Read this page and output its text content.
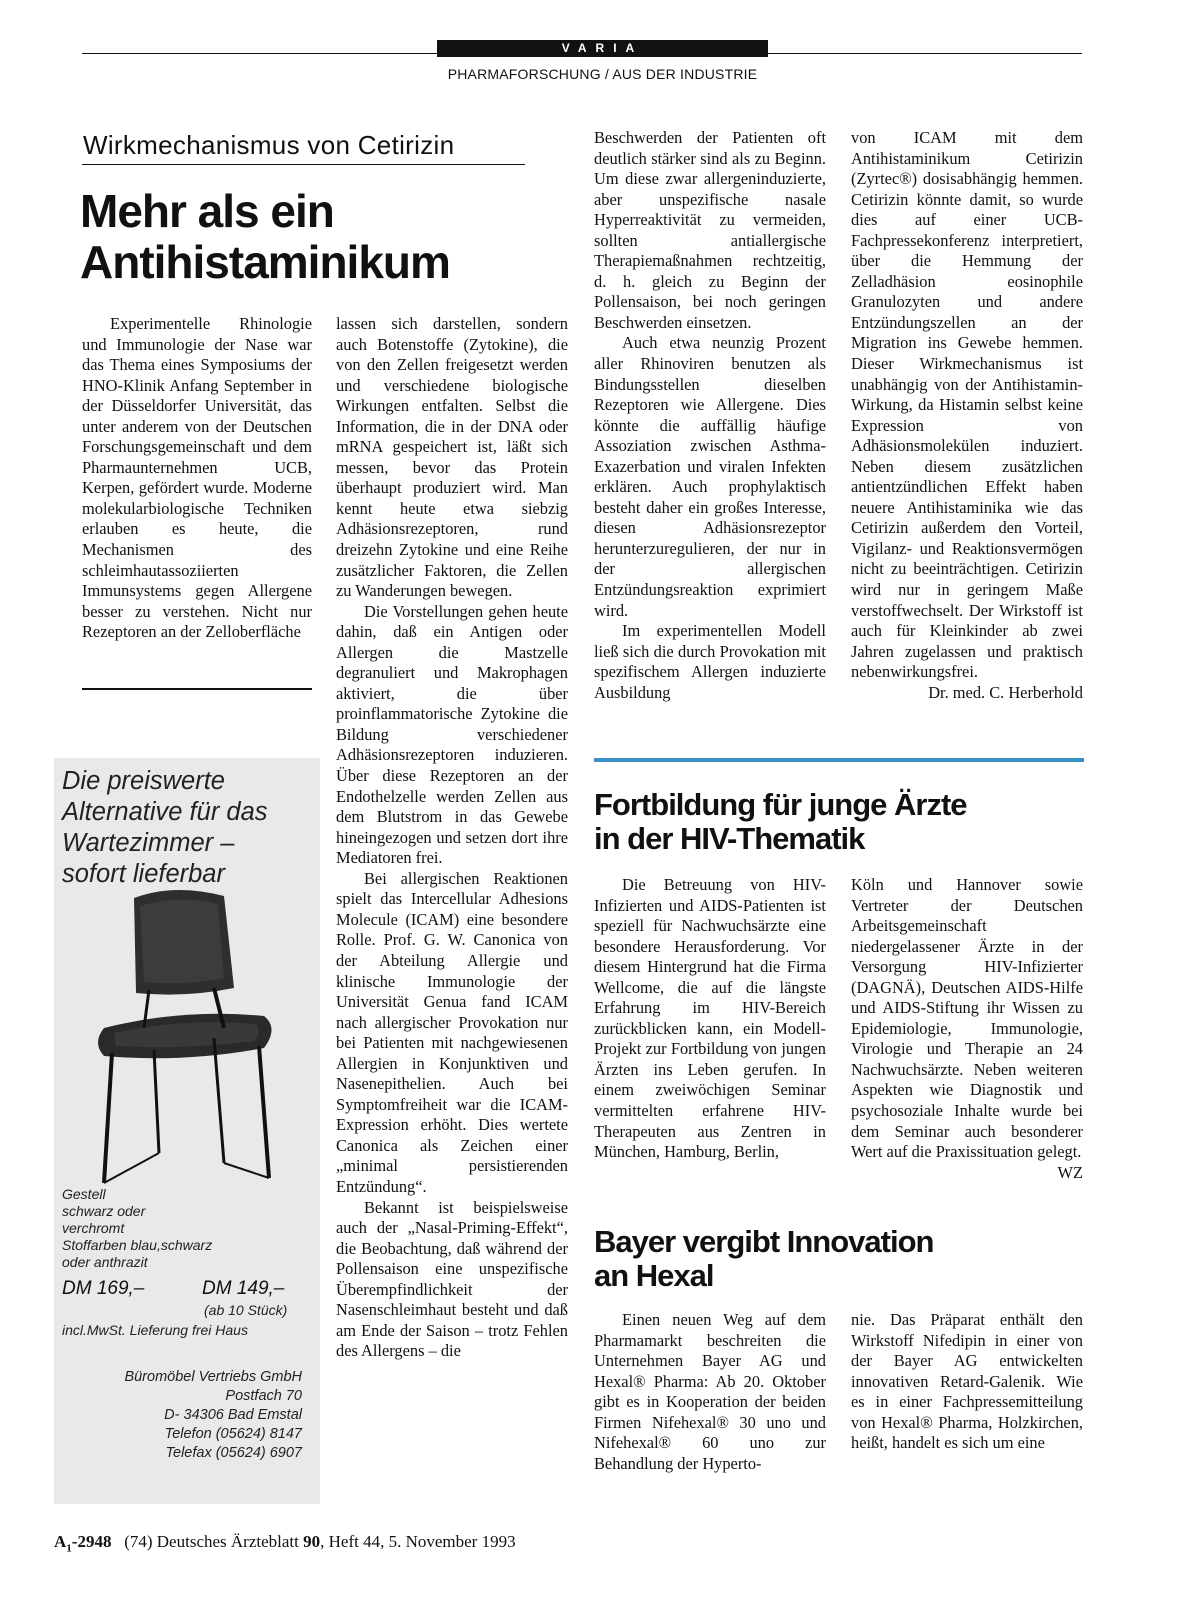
VARIA
PHARMAFORSCHUNG / AUS DER INDUSTRIE
Wirkmechanismus von Cetirizin
Mehr als ein
Antihistaminikum

Experimentelle Rhinologie und Immunologie der Nase war das Thema eines Symposiums der HNO-Klinik Anfang September in der Düsseldorfer Universität, das unter anderem von der Deutschen Forschungsgemeinschaft und dem Pharmaunternehmen UCB, Kerpen, gefördert wurde. Moderne molekularbiologische Techniken erlauben es heute, die Mechanismen des schleimhautassoziierten Immunsystems gegen Allergene besser zu verstehen. Nicht nur Rezeptoren an der Zelloberfläche

lassen sich darstellen, sondern auch Botenstoffe (Zytokine), die von den Zellen freigesetzt werden und verschiedene biologische Wirkungen entfalten. Selbst die Information, die in der DNA oder mRNA gespeichert ist, läßt sich messen, bevor das Protein überhaupt produziert wird. Man kennt heute etwa siebzig Adhäsionsrezeptoren, rund dreizehn Zytokine und eine Reihe zusätzlicher Faktoren, die Zellen zu Wanderungen bewegen.

Die Vorstellungen gehen heute dahin, daß ein Antigen oder Allergen die Mastzelle degranuliert und Makrophagen aktiviert, die über proinflammatorische Zytokine die Bildung verschiedener Adhäsionsrezeptoren induzieren. Über diese Rezeptoren an der Endothelzelle werden Zellen aus dem Blutstrom in das Gewebe hineingezogen und setzen dort ihre Mediatoren frei.

Bei allergischen Reaktionen spielt das Intercellular Adhesions Molecule (ICAM) eine besondere Rolle. Prof. G. W. Canonica von der Abteilung Allergie und klinische Immunologie der Universität Genua fand ICAM nach allergischer Provokation nur bei Patienten mit nachgewiesenen Allergien in Konjunktiven und Nasenepithelien. Auch bei Symptomfreiheit war die ICAM-Expression erhöht. Dies wertete Canonica als Zeichen einer „minimal persistierenden Entzündung“.

Bekannt ist beispielsweise auch der „Nasal-Priming-Effekt“, die Beobachtung, daß während der Pollensaison eine unspezifische Überempfindlichkeit der Nasenschleimhaut besteht und daß am Ende der Saison – trotz Fehlen des Allergens – die

Beschwerden der Patienten oft deutlich stärker sind als zu Beginn. Um diese zwar allergeninduzierte, aber unspezifische nasale Hyperreaktivität zu vermeiden, sollten antiallergische Therapiemaßnahmen rechtzeitig, d. h. gleich zu Beginn der Pollensaison, bei noch geringen Beschwerden einsetzen.

Auch etwa neunzig Prozent aller Rhinoviren benutzen als Bindungsstellen dieselben Rezeptoren wie Allergene. Dies könnte die auffällig häufige Assoziation zwischen Asthma-Exazerbation und viralen Infekten erklären. Auch prophylaktisch besteht daher ein großes Interesse, diesen Adhäsionsrezeptor herunterzuregulieren, der nur in der allergischen Entzündungsreaktion exprimiert wird.

Im experimentellen Modell ließ sich die durch Provokation mit spezifischem Allergen induzierte Ausbildung

von ICAM mit dem Antihistaminikum Cetirizin (Zyrtec®) dosisabhängig hemmen. Cetirizin könnte damit, so wurde dies auf einer UCB-Fachpressekonferenz interpretiert, über die Hemmung der Zelladhäsion eosinophile Granulozyten und andere Entzündungszellen an der Migration ins Gewebe hemmen. Dieser Wirkmechanismus ist unabhängig von der Antihistamin-Wirkung, da Histamin selbst keine Expression von Adhäsionsmolekülen induziert. Neben diesem zusätzlichen antientzündlichen Effekt haben neuere Antihistaminika wie das Cetirizin außerdem den Vorteil, Vigilanz- und Reaktionsvermögen nicht zu beeinträchtigen. Cetirizin wird nur in geringem Maße verstoffwechselt. Der Wirkstoff ist auch für Kleinkinder ab zwei Jahren zugelassen und praktisch nebenwirkungsfrei.

Dr. med. C. Herberhold

Fortbildung für junge Ärzte
in der HIV-Thematik

Die Betreuung von HIV-Infizierten und AIDS-Patienten ist speziell für Nachwuchsärzte eine besondere Herausforderung. Vor diesem Hintergrund hat die Firma Wellcome, die auf die längste Erfahrung im HIV-Bereich zurückblicken kann, ein Modell-Projekt zur Fortbildung von jungen Ärzten ins Leben gerufen. In einem zweiwöchigen Seminar vermittelten erfahrene HIV-Therapeuten aus Zentren in München, Hamburg, Berlin,

Köln und Hannover sowie Vertreter der Deutschen Arbeitsgemeinschaft niedergelassener Ärzte in der Versorgung HIV-Infizierter (DAGNÄ), Deutschen AIDS-Hilfe und AIDS-Stiftung ihr Wissen zu Epidemiologie, Immunologie, Virologie und Therapie an 24 Nachwuchsärzte. Neben weiteren Aspekten wie Diagnostik und psychosoziale Inhalte wurde bei dem Seminar auch besonderer Wert auf die Praxissituation gelegt.

WZ

Bayer vergibt Innovation
an Hexal

Einen neuen Weg auf dem Pharmamarkt beschreiten die Unternehmen Bayer AG und Hexal® Pharma: Ab 20. Oktober gibt es in Kooperation der beiden Firmen Nifehexal® 30 uno und Nifehexal® 60 uno zur Behandlung der Hyperto-

nie. Das Präparat enthält den Wirkstoff Nifedipin in einer von der Bayer AG entwickelten innovativen Retard-Galenik. Wie es in einer Fachpressemitteilung von Hexal® Pharma, Holzkirchen, heißt, handelt es sich um eine

Die preiswerte
Alternative für das
Wartezimmer –
sofort lieferbar
Gestell
schwarz oder
verchromt
Stoffarben blau,schwarz
oder anthrazit
DM 169,–	DM 149,–
(ab 10 Stück)
incl.MwSt. Lieferung frei Haus
Büromöbel Vertriebs GmbH
Postfach 70
D- 34306 Bad Emstal
Telefon (05624) 8147
Telefax (05624) 6907
$A_1-2948$ (74) Deutsches Ärzteblatt 90, Heft 44, 5. November 1993
